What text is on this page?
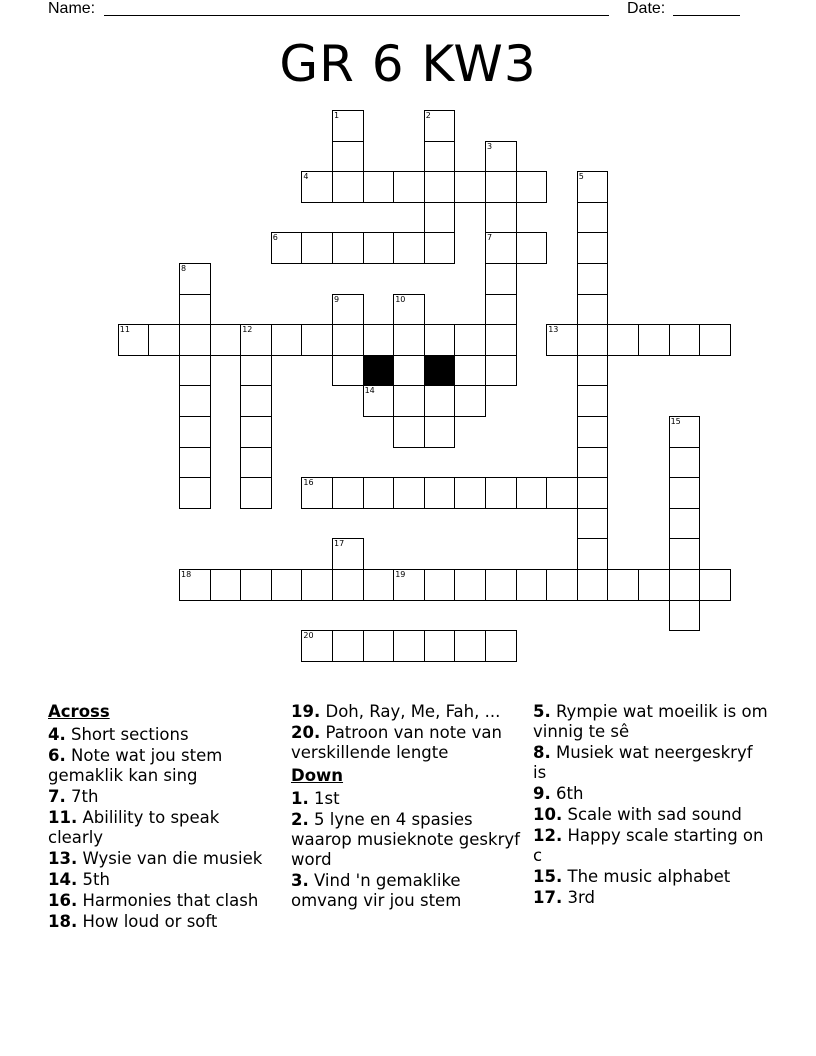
Name:	Date:
GR 6 KW3
1	2
3
4	5
6	7
8
9	10
11	12	13
14
15
16
17
18	19
20
Across
4. Short sections
6. Note wat jou stem gemaklik kan sing
7. 7th
11. Abilility to speak clearly
13. Wysie van die musiek
14. 5th
16. Harmonies that clash
18. How loud or soft
19. Doh, Ray, Me, Fah, ...
20. Patroon van note van verskillende lengte
Down
1. 1st
2. 5 lyne en 4 spasies waarop musieknote geskryf word
3. Vind 'n gemaklike omvang vir jou stem
5. Rympie wat moeilik is om vinnig te sê
8. Musiek wat neergeskryf is
9. 6th
10. Scale with sad sound
12. Happy scale starting on c
15. The music alphabet
17. 3rd
